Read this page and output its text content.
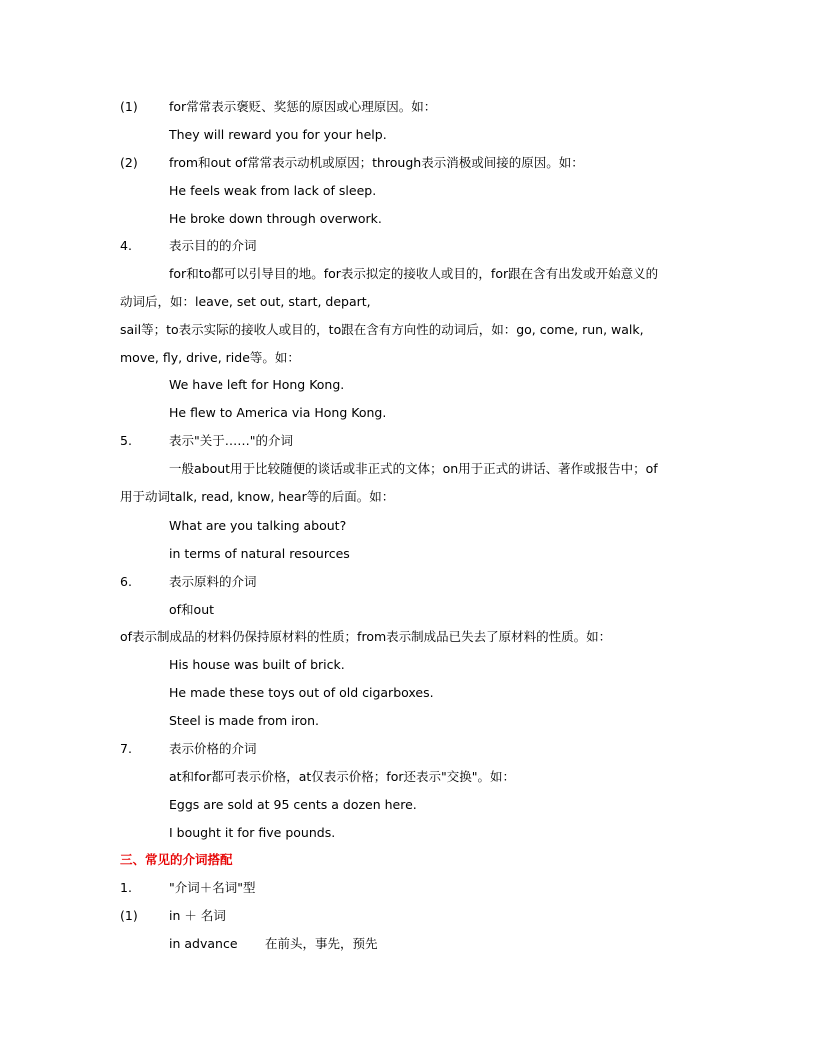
(1)	for常常表示褒贬、奖惩的原因或心理原因。如：
They will reward you for your help.
(2)	from和out of常常表示动机或原因；through表示消极或间接的原因。如：
He feels weak from lack of sleep.
He broke down through overwork.
4.	表示目的的介词
for和to都可以引导目的地。for表示拟定的接收人或目的，for跟在含有出发或开始意义的
动词后，如：leave, set out, start, depart,
sail等；to表示实际的接收人或目的，to跟在含有方向性的动词后，如：go, come, run, walk,
move, fly, drive, ride等。如：
We have left for Hong Kong.
He flew to America via Hong Kong.
5.	表示"关于……"的介词
一般about用于比较随便的谈话或非正式的文体；on用于正式的讲话、著作或报告中；of
用于动词talk, read, know, hear等的后面。如：
What are you talking about?
in terms of natural resources
6.	表示原料的介词
of和out
of表示制成品的材料仍保持原材料的性质；from表示制成品已失去了原材料的性质。如：
His house was built of brick.
He made these toys out of old cigarboxes.
Steel is made from iron.
7.	表示价格的介词
at和for都可表示价格，at仅表示价格；for还表示"交换"。如：
Eggs are sold at 95 cents a dozen here.
I bought it for five pounds.
三、常见的介词搭配
1.	"介词＋名词"型
(1)	in ＋ 名词
in advance 在前头，事先，预先
